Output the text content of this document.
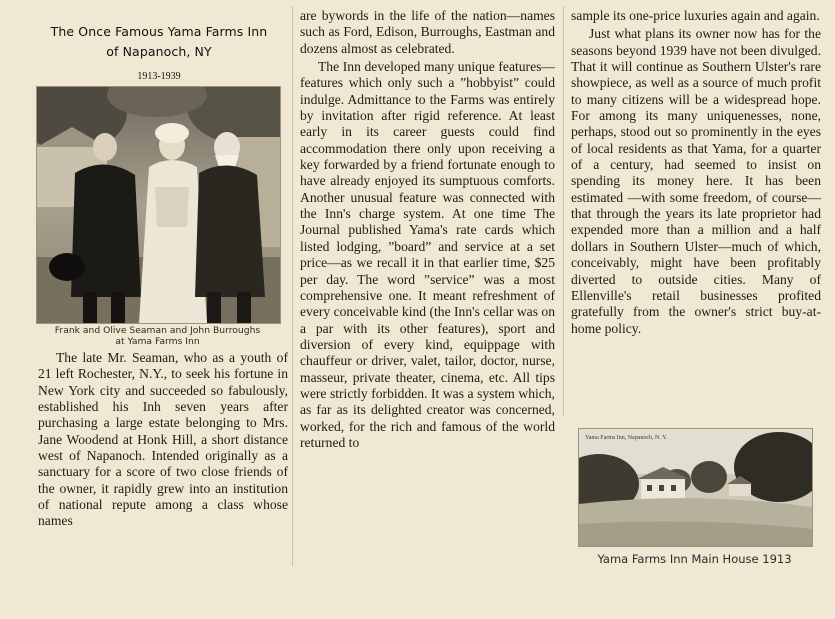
The Once Famous Yama Farms Inn
of Napanoch, NY
1913-1939
Frank and Olive Seaman and John Burroughs
at Yama Farms Inn

The late Mr. Seaman, who as a youth of 21 left Rochester, N.Y., to seek his fortune in New York city and succeeded so fabulously, established his Inh seven years after purchasing a large estate belonging to Mrs. Jane Woodend at Honk Hill, a short distance west of Napanoch. Intended originally as a sanctuary for a score of two close friends of the owner, it rapidly grew into an institution of national repute among a class whose names

are bywords in the life of the nation—names such as Ford, Edison, Burroughs, Eastman and dozens almost as celebrated.

The Inn developed many unique features—features which only such a ”hobbyist” could indulge. Admittance to the Farms was entirely by invitation after rigid reference. At least early in its career guests could find accommodation there only upon receiving a key forwarded by a friend fortunate enough to have already enjoyed its sumptuous comforts. Another unusual feature was connected with the Inn's charge system. At one time The Journal published Yama's rate cards which listed lodging, ”board” and service at a set price—as we recall it in that earlier time, $25 per day. The word ”service” was a most comprehensive one. It meant refreshment of every conceivable kind (the Inn's cellar was on a par with its other features), sport and diversion of every kind, equippage with chauffeur or driver, valet, tailor, doctor, nurse, masseur, private theater, cinema, etc. All tips were strictly forbidden. It was a system which, as far as its delighted creator was concerned, worked, for the rich and famous of the world returned to

sample its one-price luxuries again and again.

Just what plans its owner now has for the seasons beyond 1939 have not been divulged. That it will continue as Southern Ulster's rare showpiece, as well as a source of much profit to many citizens will be a widespread hope. For among its many uniquenesses, none, perhaps, stood out so prominently in the eyes of local residents as that Yama, for a quarter of a century, had seemed to insist on spending its money here. It has been estimated —with some freedom, of course— that through the years its late proprietor had expended more than a million and a half dollars in Southern Ulster—much of which, conceivably, might have been profitably diverted to outside cities. Many of Ellenville's retail businesses profited gratefully from the owner's strict buy-at-home policy.

Yama Farms Inn, Napanoch, N. Y.
Yama Farms Inn Main House 1913
